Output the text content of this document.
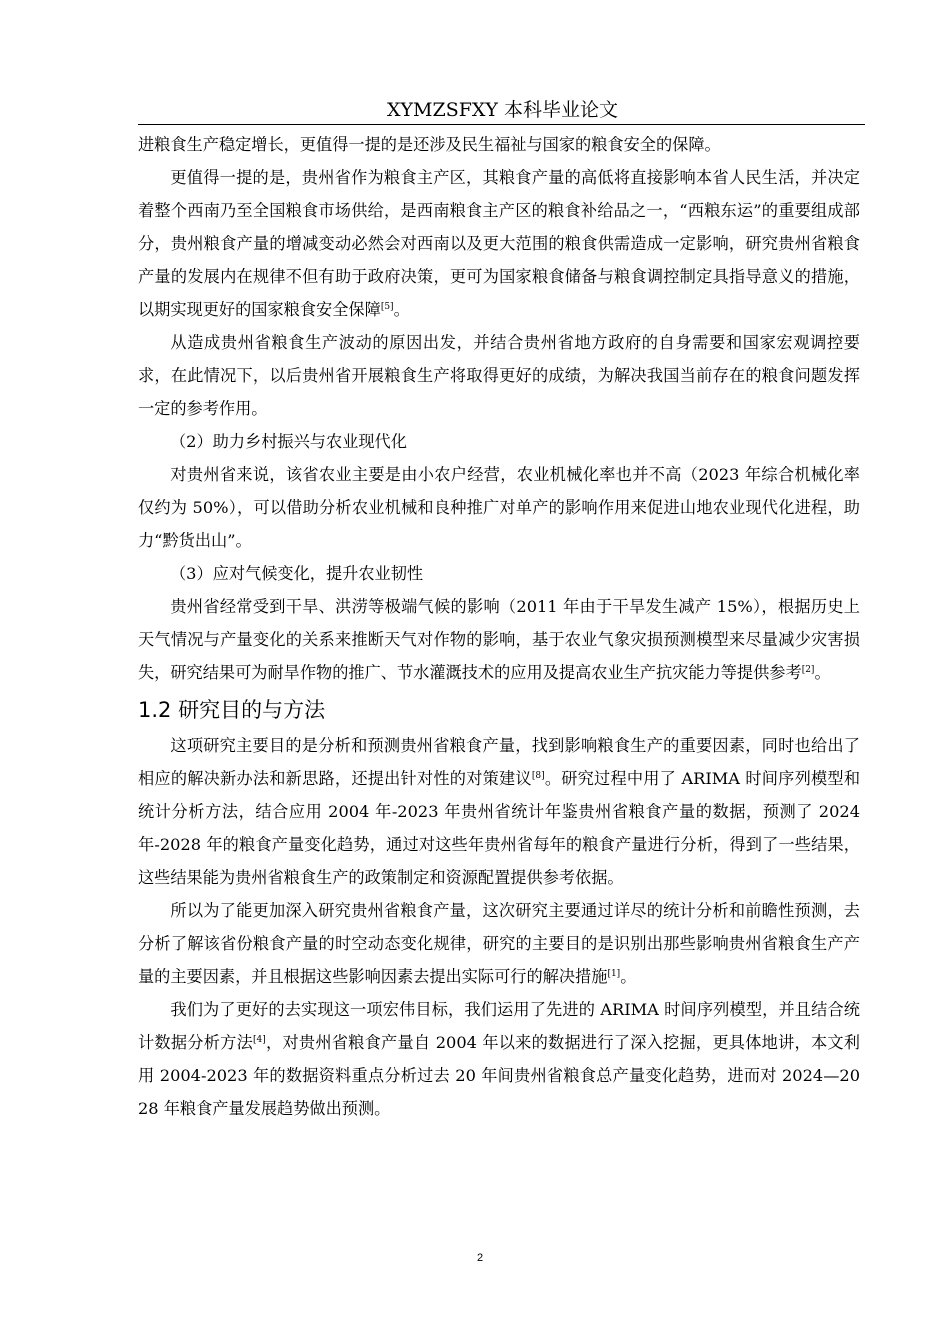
XYMZSFXY 本科毕业论文

进粮食生产稳定增长，更值得一提的是还涉及民生福祉与国家的粮食安全的保障。

更值得一提的是，贵州省作为粮食主产区，其粮食产量的高低将直接影响本省人民生活，并决定着整个西南乃至全国粮食市场供给，是西南粮食主产区的粮食补给品之一，“西粮东运”的重要组成部分，贵州粮食产量的增减变动必然会对西南以及更大范围的粮食供需造成一定影响，研究贵州省粮食产量的发展内在规律不但有助于政府决策，更可为国家粮食储备与粮食调控制定具指导意义的措施，以期实现更好的国家粮食安全保障[5]。

从造成贵州省粮食生产波动的原因出发，并结合贵州省地方政府的自身需要和国家宏观调控要求，在此情况下，以后贵州省开展粮食生产将取得更好的成绩，为解决我国当前存在的粮食问题发挥一定的参考作用。

（2）助力乡村振兴与农业现代化

对贵州省来说，该省农业主要是由小农户经营，农业机械化率也并不高（2023 年综合机械化率仅约为 50%），可以借助分析农业机械和良种推广对单产的影响作用来促进山地农业现代化进程，助力“黔货出山”。

（3）应对气候变化，提升农业韧性

贵州省经常受到干旱、洪涝等极端气候的影响（2011 年由于干旱发生减产 15%），根据历史上天气情况与产量变化的关系来推断天气对作物的影响，基于农业气象灾损预测模型来尽量减少灾害损失，研究结果可为耐旱作物的推广、节水灌溉技术的应用及提高农业生产抗灾能力等提供参考[2]。

1.2 研究目的与方法

这项研究主要目的是分析和预测贵州省粮食产量，找到影响粮食生产的重要因素，同时也给出了相应的解决新办法和新思路，还提出针对性的对策建议[8]。研究过程中用了 ARIMA 时间序列模型和统计分析方法，结合应用 2004 年-2023 年贵州省统计年鉴贵州省粮食产量的数据，预测了 2024 年-2028 年的粮食产量变化趋势，通过对这些年贵州省每年的粮食产量进行分析，得到了一些结果，这些结果能为贵州省粮食生产的政策制定和资源配置提供参考依据。

所以为了能更加深入研究贵州省粮食产量，这次研究主要通过详尽的统计分析和前瞻性预测，去分析了解该省份粮食产量的时空动态变化规律，研究的主要目的是识别出那些影响贵州省粮食生产产量的主要因素，并且根据这些影响因素去提出实际可行的解决措施[1]。

我们为了更好的去实现这一项宏伟目标，我们运用了先进的 ARIMA 时间序列模型，并且结合统计数据分析方法[4]，对贵州省粮食产量自 2004 年以来的数据进行了深入挖掘，更具体地讲，本文利用 2004-2023 年的数据资料重点分析过去 20 年间贵州省粮食总产量变化趋势，进而对 2024—2028 年粮食产量发展趋势做出预测。

2
